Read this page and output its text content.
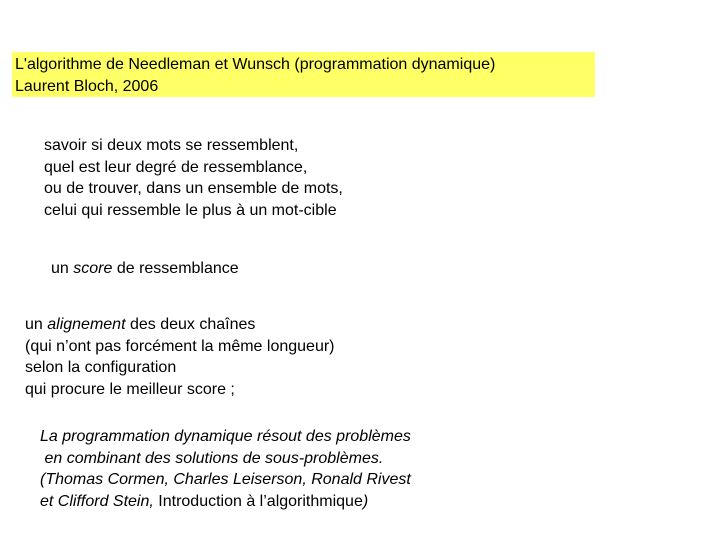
L'algorithme de Needleman et Wunsch (programmation dynamique)
Laurent Bloch, 2006
savoir si deux mots se ressemblent,
quel est leur degré de ressemblance,
ou de trouver, dans un ensemble de mots,
celui qui ressemble le plus à un mot-cible
un score de ressemblance
un alignement des deux chaînes
(qui n’ont pas forcément la même longueur)
selon la configuration
qui procure le meilleur score ;
La programmation dynamique résout des problèmes
en combinant des solutions de sous-problèmes.
(Thomas Cormen, Charles Leiserson, Ronald Rivest
et Clifford Stein, Introduction à l’algorithmique)
